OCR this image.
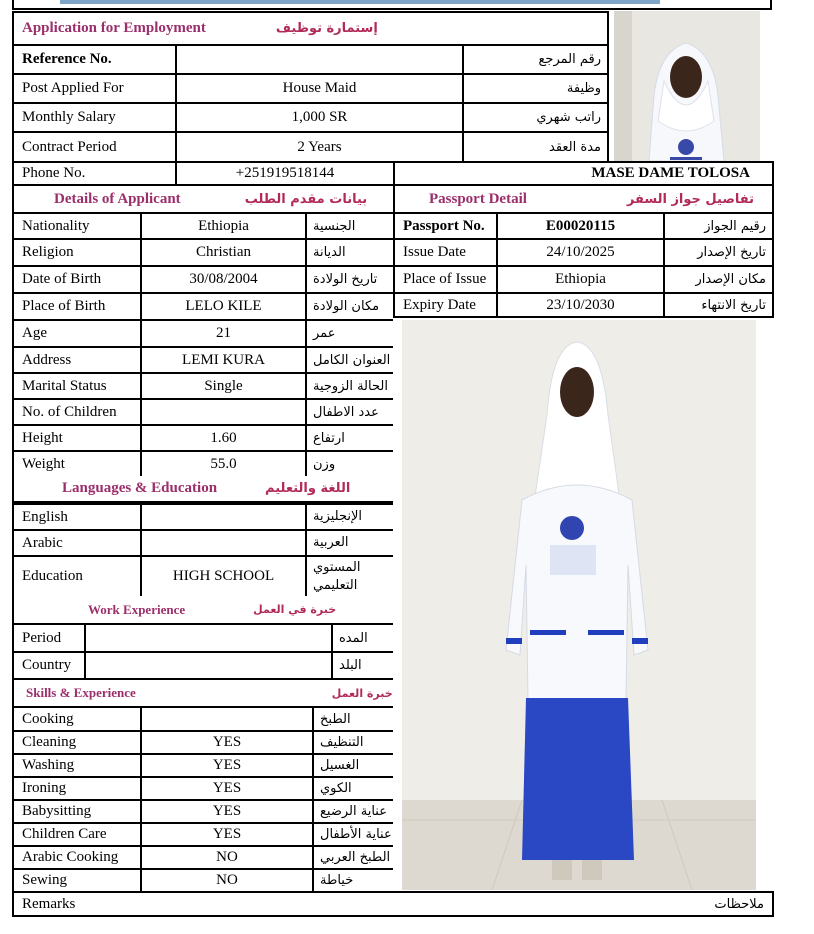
Application for Employment	إستمارة توظيف
Reference No.	رقم المرجع
Post Applied For	House Maid	وظيفة
Monthly Salary	1,000 SR	راتب شهري
Contract Period	2 Years	مدة العقد
Phone No.	+251919518144	MASE DAME TOLOSA
Details of Applicant	بيانات مقدم الطلب	Passport Detail	تفاصيل جواز السفر
Nationality	Ethiopia	الجنسية
Religion	Christian	الديانة
Date of Birth	30/08/2004	تاريخ الولادة
Place of Birth	LELO KILE	مكان الولادة
Age	21	عمر
Address	LEMI KURA	العنوان الكامل
Marital Status	Single	الحالة الزوجية
No. of Children	عدد الاطفال
Height	1.60	ارتفاع
Weight	55.0	وزن
Passport No.	E00020115	رقيم الجواز
Issue Date	24/10/2025	تاريخ الإصدار
Place of Issue	Ethiopia	مكان الإصدار
Expiry Date	23/10/2030	تاريخ الانتهاء
Languages & Education	اللغة والتعليم
English	الإنجليزية
Arabic	العربية
Education	HIGH SCHOOL
المستوي التعليمي
Work Experience	خبرة في العمل
Period	المده
Country	البلد
Skills & Experience	خبرة العمل
Cooking	الطبخ
Cleaning	YES	التنظيف
Washing	YES	الغسيل
Ironing	YES	الكوي
Babysitting	YES	عناية الرضيع
Children Care	YES	عناية الأطفال
Arabic Cooking	NO	الطبخ العربي
Sewing	NO	خياطة
Remarks	ملاحظات
